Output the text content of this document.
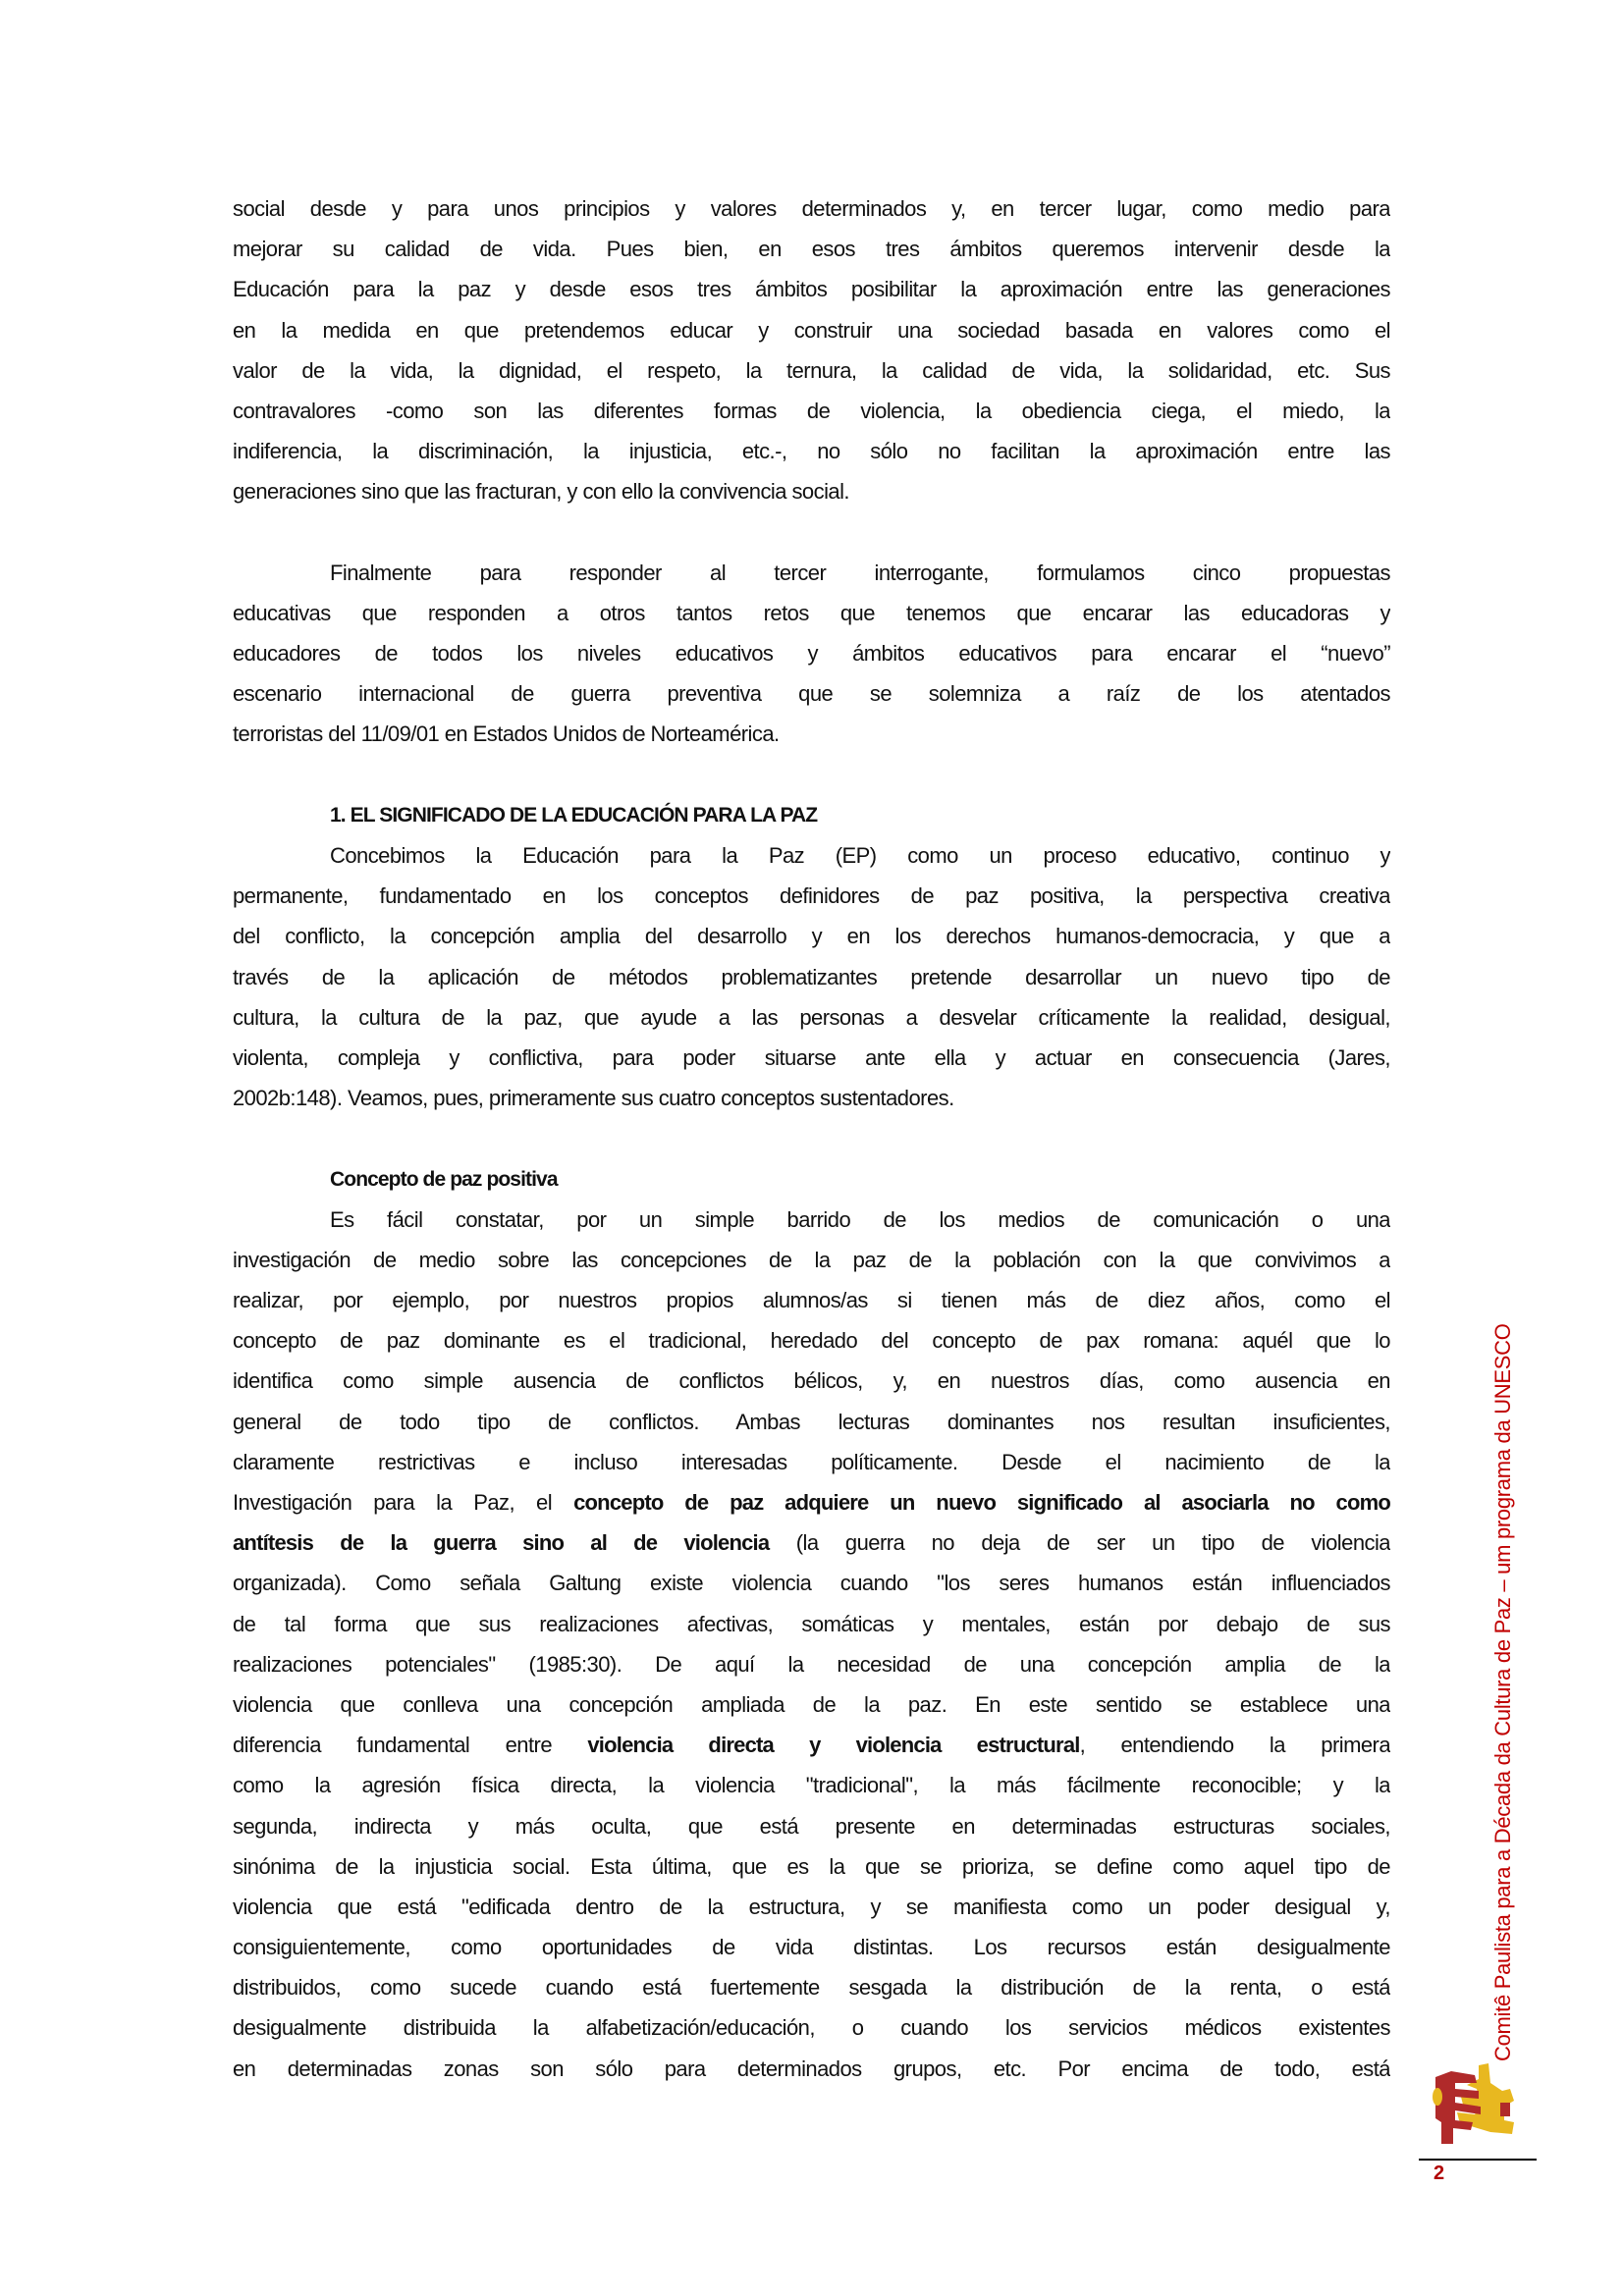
social desde y para unos principios y valores determinados y, en tercer lugar, como medio para
mejorar su calidad de vida. Pues bien, en esos tres ámbitos queremos intervenir desde la
Educación para la paz y desde esos tres ámbitos posibilitar la aproximación entre las generaciones
en la medida en que pretendemos educar y construir una sociedad basada en valores como el
valor de la vida, la dignidad, el respeto, la ternura, la calidad de vida, la solidaridad, etc. Sus
contravalores -como son las diferentes formas de violencia, la obediencia ciega, el miedo, la
indiferencia, la discriminación, la injusticia, etc.-, no sólo no facilitan la aproximación entre las
generaciones sino que las fracturan, y con ello la convivencia social.
Finalmente para responder al tercer interrogante, formulamos cinco propuestas
educativas que responden a otros tantos retos que tenemos que encarar las educadoras y
educadores de todos los niveles educativos y ámbitos educativos para encarar el “nuevo”
escenario internacional de guerra preventiva que se solemniza a raíz de los atentados
terroristas del 11/09/01 en Estados Unidos de Norteamérica.
1. EL SIGNIFICADO DE LA EDUCACIÓN PARA LA PAZ
Concebimos la Educación para la Paz (EP) como un proceso educativo, continuo y
permanente, fundamentado en los conceptos definidores de paz positiva, la perspectiva creativa
del conflicto, la concepción amplia del desarrollo y en los derechos humanos-democracia, y que a
través de la aplicación de métodos problematizantes pretende desarrollar un nuevo tipo de
cultura, la cultura de la paz, que ayude a las personas a desvelar críticamente la realidad, desigual,
violenta, compleja y conflictiva, para poder situarse ante ella y actuar en consecuencia (Jares,
2002b:148). Veamos, pues, primeramente sus cuatro conceptos sustentadores.
Concepto de paz positiva
Es fácil constatar, por un simple barrido de los medios de comunicación o una
investigación de medio sobre las concepciones de la paz de la población con la que convivimos a
realizar, por ejemplo, por nuestros propios alumnos/as si tienen más de diez años, como el
concepto de paz dominante es el tradicional, heredado del concepto de pax romana: aquél que lo
identifica como simple ausencia de conflictos bélicos, y, en nuestros días, como ausencia en
general de todo tipo de conflictos. Ambas lecturas dominantes nos resultan insuficientes,
claramente restrictivas e incluso interesadas políticamente. Desde el nacimiento de la
Investigación para la Paz, el concepto de paz adquiere un nuevo significado al asociarla no como
antítesis de la guerra sino al de violencia (la guerra no deja de ser un tipo de violencia
organizada). Como señala Galtung existe violencia cuando "los seres humanos están influenciados
de tal forma que sus realizaciones afectivas, somáticas y mentales, están por debajo de sus
realizaciones potenciales" (1985:30). De aquí la necesidad de una concepción amplia de la
violencia que conlleva una concepción ampliada de la paz. En este sentido se establece una
diferencia fundamental entre violencia directa y violencia estructural, entendiendo la primera
como la agresión física directa, la violencia "tradicional", la más fácilmente reconocible; y la
segunda, indirecta y más oculta, que está presente en determinadas estructuras sociales,
sinónima de la injusticia social. Esta última, que es la que se prioriza, se define como aquel tipo de
violencia que está "edificada dentro de la estructura, y se manifiesta como un poder desigual y,
consiguientemente, como oportunidades de vida distintas. Los recursos están desigualmente
distribuidos, como sucede cuando está fuertemente sesgada la distribución de la renta, o está
desigualmente distribuida la alfabetización/educación, o cuando los servicios médicos existentes
en determinadas zonas son sólo para determinados grupos, etc. Por encima de todo, está
Comitê Paulista para a Década da Cultura de Paz – um programa da UNESCO
2
